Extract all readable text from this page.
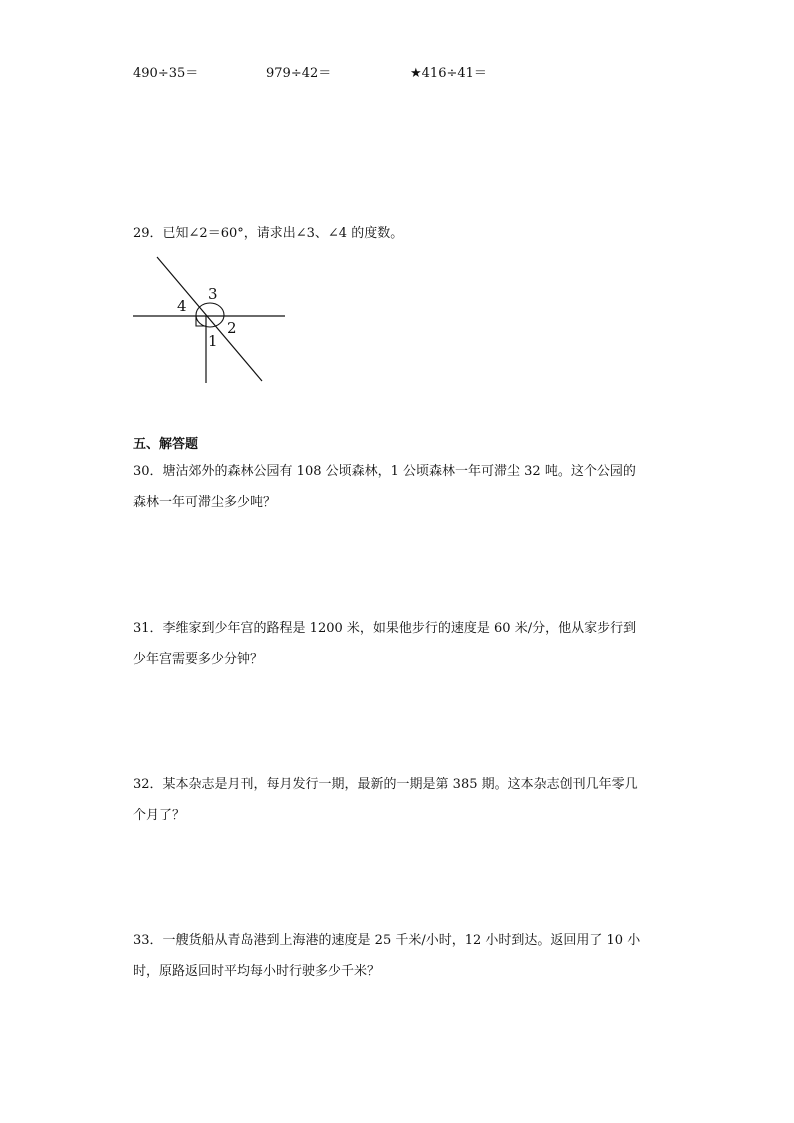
490÷35＝	979÷42＝	★416÷41＝
29．已知∠2＝60°，请求出∠3、∠4 的度数。
3
4
2
1
五、解答题
30．塘沽郊外的森林公园有 108 公顷森林，1 公顷森林一年可滞尘 32 吨。这个公园的
森林一年可滞尘多少吨？
31．李维家到少年宫的路程是 1200 米，如果他步行的速度是 60 米/分，他从家步行到
少年宫需要多少分钟？
32．某本杂志是月刊，每月发行一期，最新的一期是第 385 期。这本杂志创刊几年零几
个月了？
33．一艘货船从青岛港到上海港的速度是 25 千米/小时，12 小时到达。返回用了 10 小
时，原路返回时平均每小时行驶多少千米？
